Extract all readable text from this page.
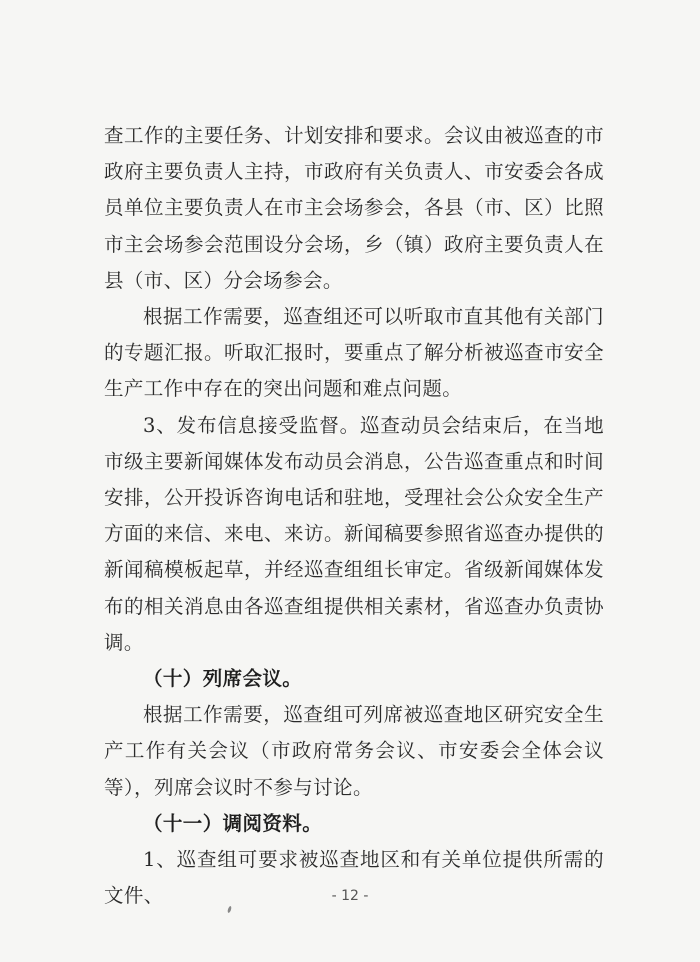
查工作的主要任务、计划安排和要求。会议由被巡查的市政府主要负责人主持，市政府有关负责人、市安委会各成员单位主要负责人在市主会场参会，各县（市、区）比照市主会场参会范围设分会场，乡（镇）政府主要负责人在县（市、区）分会场参会。

根据工作需要，巡查组还可以听取市直其他有关部门的专题汇报。听取汇报时，要重点了解分析被巡查市安全生产工作中存在的突出问题和难点问题。

3、发布信息接受监督。巡查动员会结束后，在当地市级主要新闻媒体发布动员会消息，公告巡查重点和时间安排，公开投诉咨询电话和驻地，受理社会公众安全生产方面的来信、来电、来访。新闻稿要参照省巡查办提供的新闻稿模板起草，并经巡查组组长审定。省级新闻媒体发布的相关消息由各巡查组提供相关素材，省巡查办负责协调。

（十）列席会议。

根据工作需要，巡查组可列席被巡查地区研究安全生产工作有关会议（市政府常务会议、市安委会全体会议等），列席会议时不参与讨论。

（十一）调阅资料。

1、巡查组可要求被巡查地区和有关单位提供所需的文件、	- 12 -
